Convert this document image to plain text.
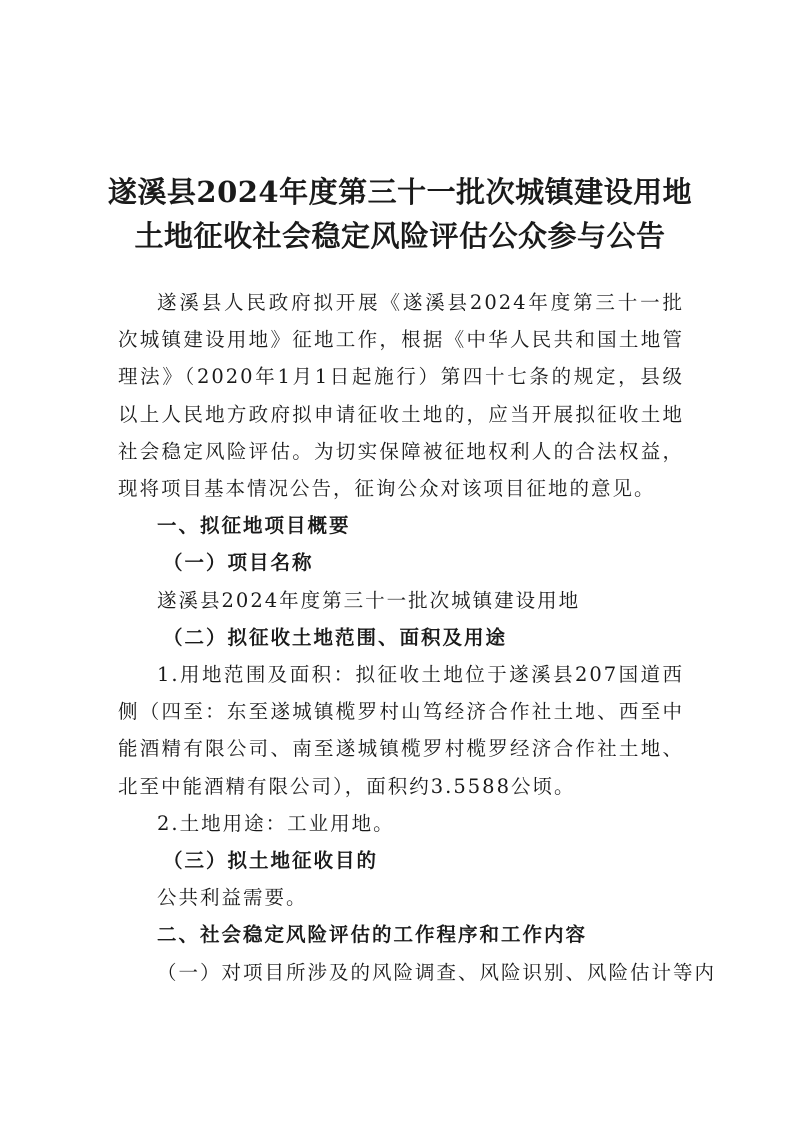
遂溪县2024年度第三十一批次城镇建设用地
土地征收社会稳定风险评估公众参与公告

遂溪县人民政府拟开展《遂溪县2024年度第三十一批次城镇建设用地》征地工作，根据《中华人民共和国土地管理法》（2020年1月1日起施行）第四十七条的规定，县级以上人民地方政府拟申请征收土地的，应当开展拟征收土地社会稳定风险评估。为切实保障被征地权利人的合法权益，现将项目基本情况公告，征询公众对该项目征地的意见。

一、拟征地项目概要

（一）项目名称

遂溪县2024年度第三十一批次城镇建设用地

（二）拟征收土地范围、面积及用途

1.用地范围及面积：拟征收土地位于遂溪县207国道西侧（四至：东至遂城镇榄罗村山笃经济合作社土地、西至中能酒精有限公司、南至遂城镇榄罗村榄罗经济合作社土地、北至中能酒精有限公司），面积约3.5588公顷。

2.土地用途：工业用地。

（三）拟土地征收目的

公共利益需要。

二、社会稳定风险评估的工作程序和工作内容

（一）对项目所涉及的风险调查、风险识别、风险估计等内
